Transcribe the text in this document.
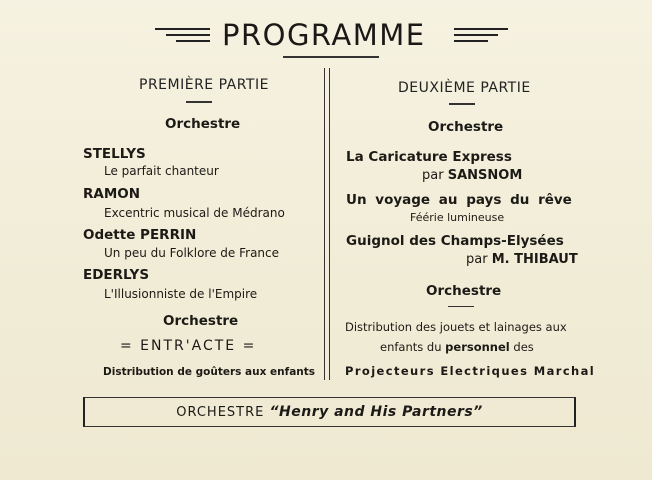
PROGRAMME
PREMIÈRE PARTIE
Orchestre
STELLYS
Le parfait chanteur
RAMON
Excentric musical de Médrano
Odette PERRIN
Un peu du Folklore de France
EDERLYS
L'Illusionniste de l'Empire
Orchestre
= ENTR'ACTE =
Distribution de goûters aux enfants
DEUXIÈME PARTIE
Orchestre
La Caricature Express
par SANSNOM
Un voyage au pays du rêve
Féérie lumineuse
Guignol des Champs-Elysées
par M. THIBAUT
Orchestre
Distribution des jouets et lainages aux
enfants du personnel des
Projecteurs Electriques Marchal
ORCHESTRE “Henry and His Partners”
